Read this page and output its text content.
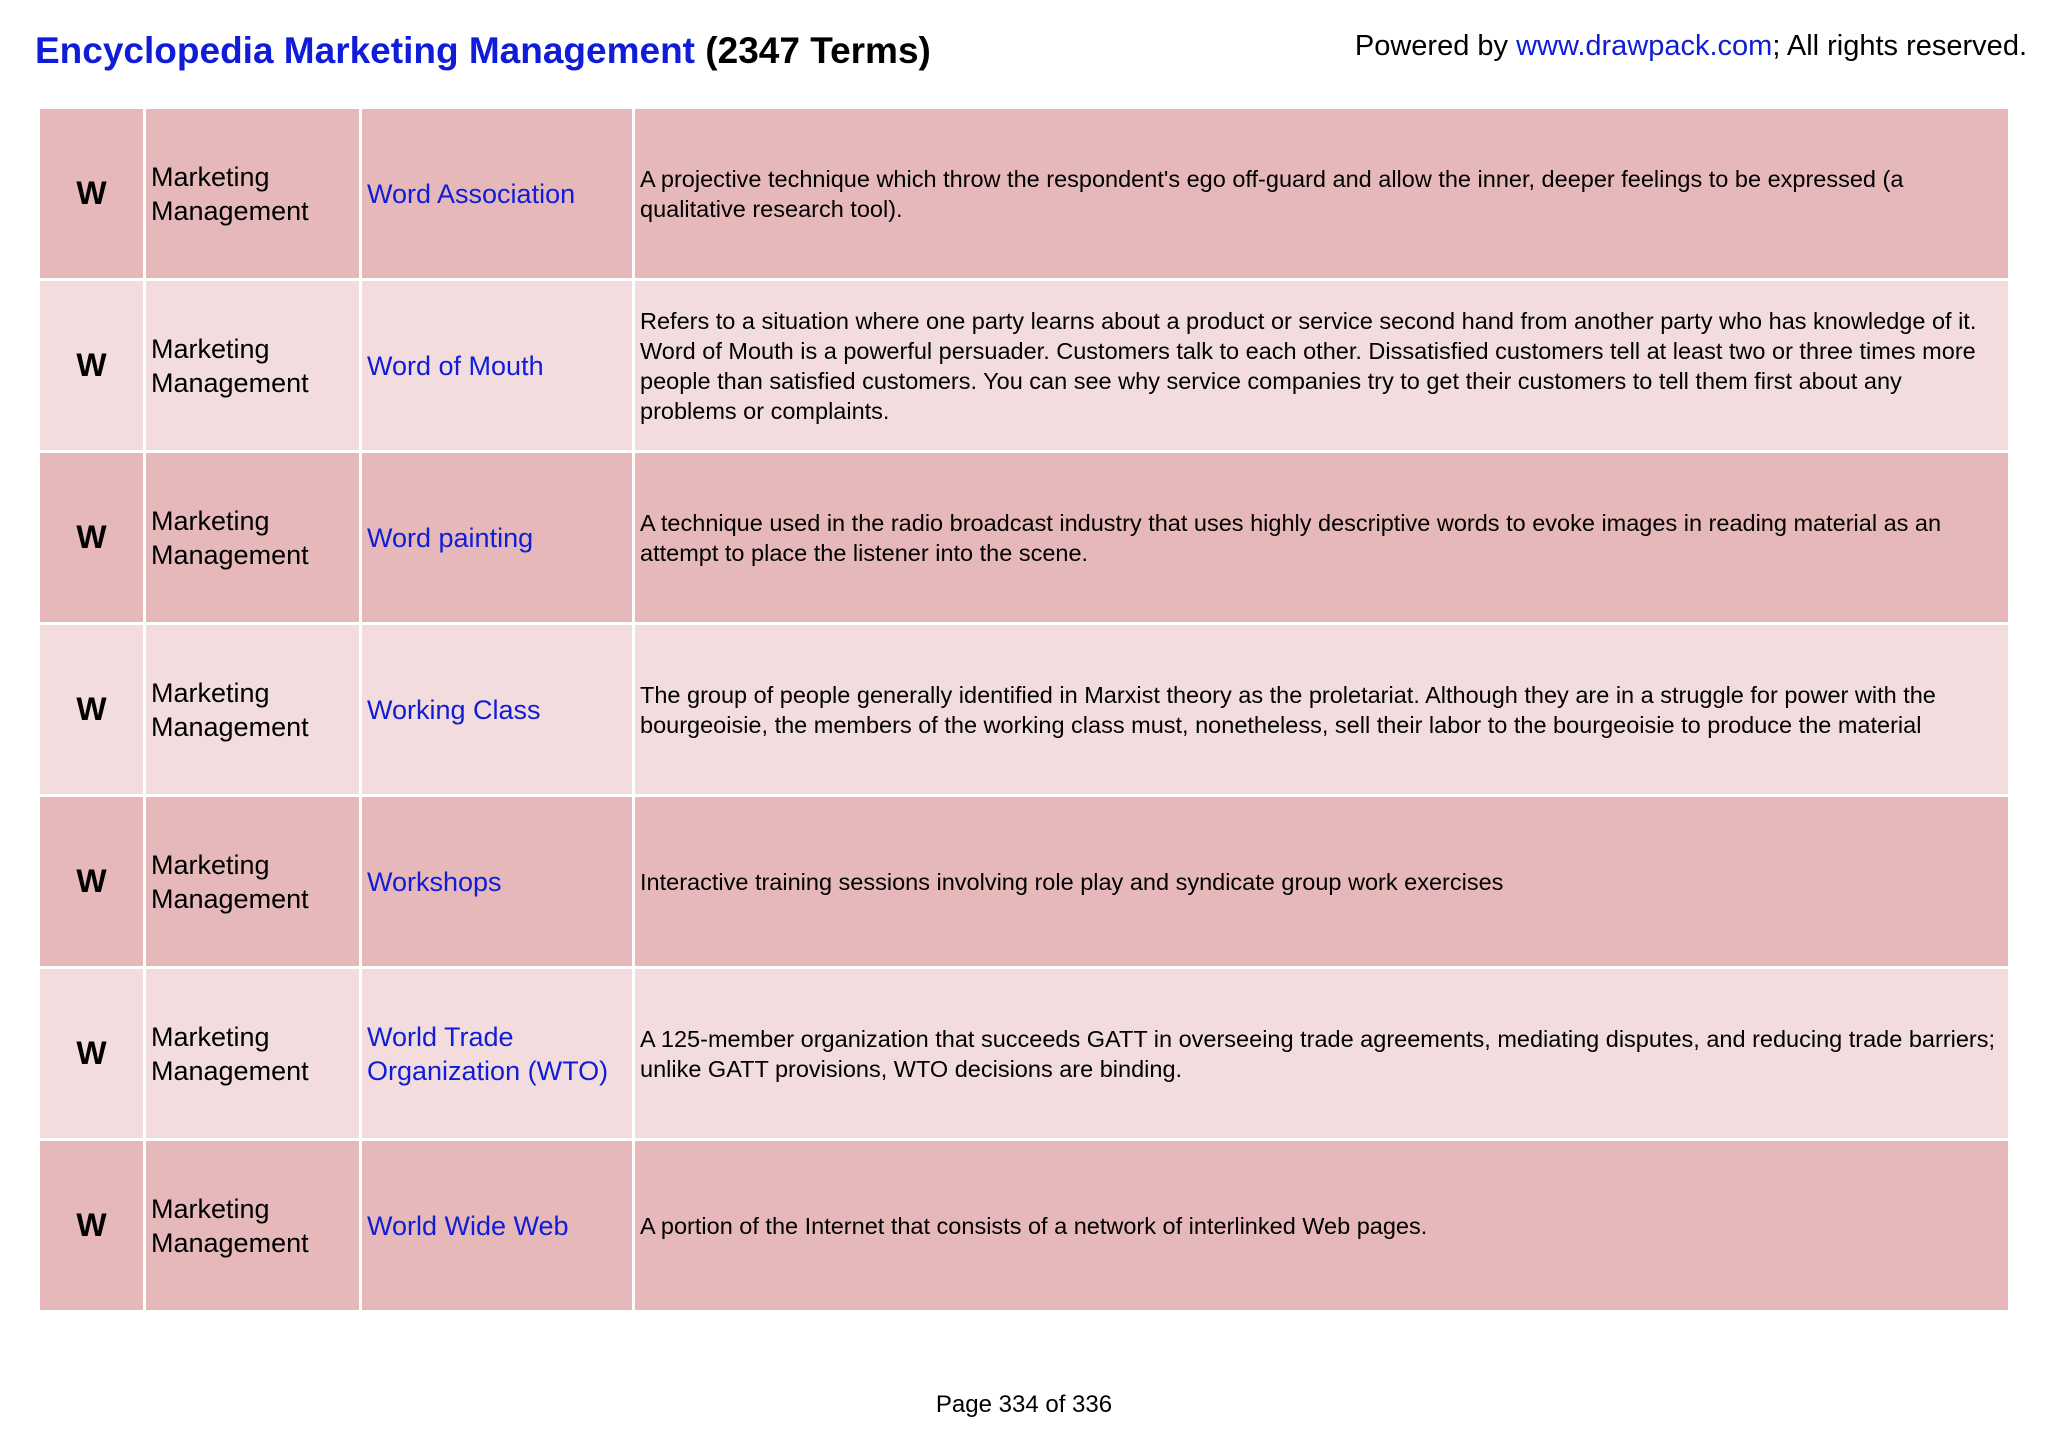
Encyclopedia Marketing Management (2347 Terms)	Powered by www.drawpack.com; All rights reserved.
W	Marketing Management	Word Association	A projective technique which throw the respondent's ego off-guard and allow the inner, deeper feelings to be expressed (a qualitative research tool).
W	Marketing Management	Word of Mouth	Refers to a situation where one party learns about a product or service second hand from another party who has knowledge of it. Word of Mouth is a powerful persuader. Customers talk to each other. Dissatisfied customers tell at least two or three times more people than satisfied customers. You can see why service companies try to get their customers to tell them first about any problems or complaints.
W	Marketing Management	Word painting	A technique used in the radio broadcast industry that uses highly descriptive words to evoke images in reading material as an attempt to place the listener into the scene.
W	Marketing Management	Working Class	The group of people generally identified in Marxist theory as the proletariat. Although they are in a struggle for power with the bourgeoisie, the members of the working class must, nonetheless, sell their labor to the bourgeoisie to produce the material
W	Marketing Management	Workshops	Interactive training sessions involving role play and syndicate group work exercises
W	Marketing Management	World Trade Organization (WTO)	A 125-member organization that succeeds GATT in overseeing trade agreements, mediating disputes, and reducing trade barriers; unlike GATT provisions, WTO decisions are binding.
W	Marketing Management	World Wide Web	A portion of the Internet that consists of a network of interlinked Web pages.
Page 334 of 336
